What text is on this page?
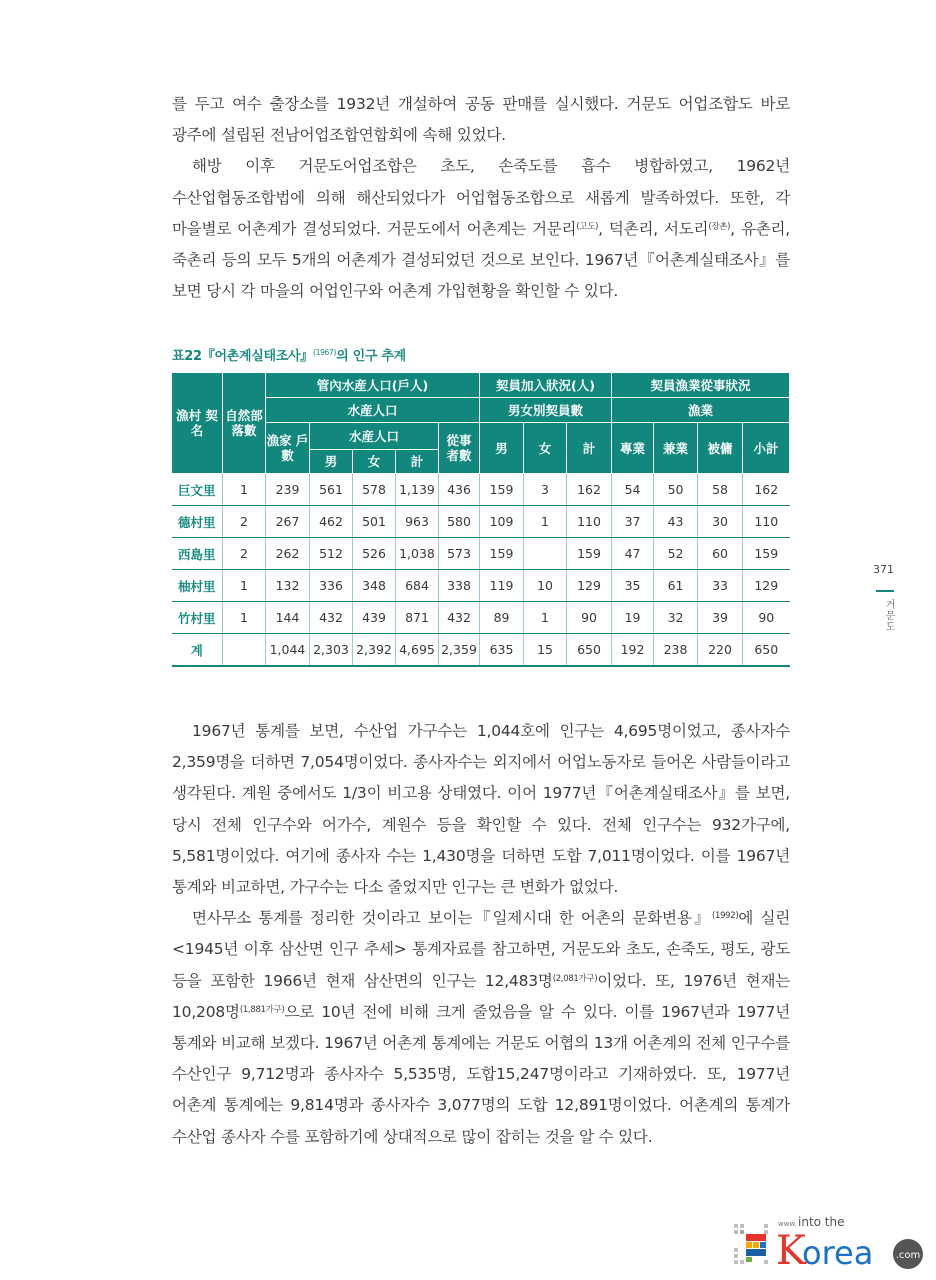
를 두고 여수 출장소를 1932년 개설하여 공동 판매를 실시했다. 거문도 어업조합도 바로 광주에 설립된 전남어업조합연합회에 속해 있었다.

해방 이후 거문도어업조합은 초도, 손죽도를 흡수 병합하였고, 1962년 수산업협동조합법에 의해 해산되었다가 어업협동조합으로 새롭게 발족하였다. 또한, 각 마을별로 어촌계가 결성되었다. 거문도에서 어촌계는 거문리$^{(고도)}$, 덕촌리, 서도리$^{(장촌)}$, 유촌리, 죽촌리 등의 모두 5개의 어촌계가 결성되었던 것으로 보인다. 1967년『어촌계실태조사』를 보면 당시 각 마을의 어업인구와 어촌계 가입현황을 확인할 수 있다.

표22『어촌계실태조사』$^{(1967)}$의 인구 추계
漁村 契名	自然部 落數	管內水産人口(戶人)					契員加入狀況(人)			契員漁業從事狀況			
		水産人口					男女別契員數			漁業			
		漁家 戶數	水産人口			從事 者數	男	女	計	專業	兼業	被傭	小計
			男	女	計								
巨文里	1	239	561	578	1,139	436	159	3	162	54	50	58	162
德村里	2	267	462	501	963	580	109	1	110	37	43	30	110
西島里	2	262	512	526	1,038	573	159		159	47	52	60	159
柚村里	1	132	336	348	684	338	119	10	129	35	61	33	129
竹村里	1	144	432	439	871	432	89	1	90	19	32	39	90
계		1,044	2,303	2,392	4,695	2,359	635	15	650	192	238	220	650

1967년 통계를 보면, 수산업 가구수는 1,044호에 인구는 4,695명이었고, 종사자수 2,359명을 더하면 7,054명이었다. 종사자수는 외지에서 어업노동자로 들어온 사람들이라고 생각된다. 계원 중에서도 1/3이 비고용 상태였다. 이어 1977년『어촌계실태조사』를 보면, 당시 전체 인구수와 어가수, 계원수 등을 확인할 수 있다. 전체 인구수는 932가구에, 5,581명이었다. 여기에 종사자 수는 1,430명을 더하면 도합 7,011명이었다. 이를 1967년 통계와 비교하면, 가구수는 다소 줄었지만 인구는 큰 변화가 없었다.

면사무소 통계를 정리한 것이라고 보이는『일제시대 한 어촌의 문화변용』$^{(1992)}$에 실린 <1945년 이후 삼산면 인구 추세> 통계자료를 참고하면, 거문도와 초도, 손죽도, 평도, 광도 등을 포함한 1966년 현재 삼산면의 인구는 12,483명$^{(2,081가구)}$이었다. 또, 1976년 현재는 10,208명$^{(1,881가구)}$으로 10년 전에 비해 크게 줄었음을 알 수 있다. 이를 1967년과 1977년 통계와 비교해 보겠다. 1967년 어촌계 통계에는 거문도 어협의 13개 어촌계의 전체 인구수를 수산인구 9,712명과 종사자수 5,535명, 도합15,247명이라고 기재하였다. 또, 1977년 어촌계 통계에는 9,814명과 종사자수 3,077명의 도합 12,891명이었다. 어촌계의 통계가 수산업 종사자 수를 포함하기에 상대적으로 많이 잡히는 것을 알 수 있다.

371
거문도
www. into the
K
orea .com
